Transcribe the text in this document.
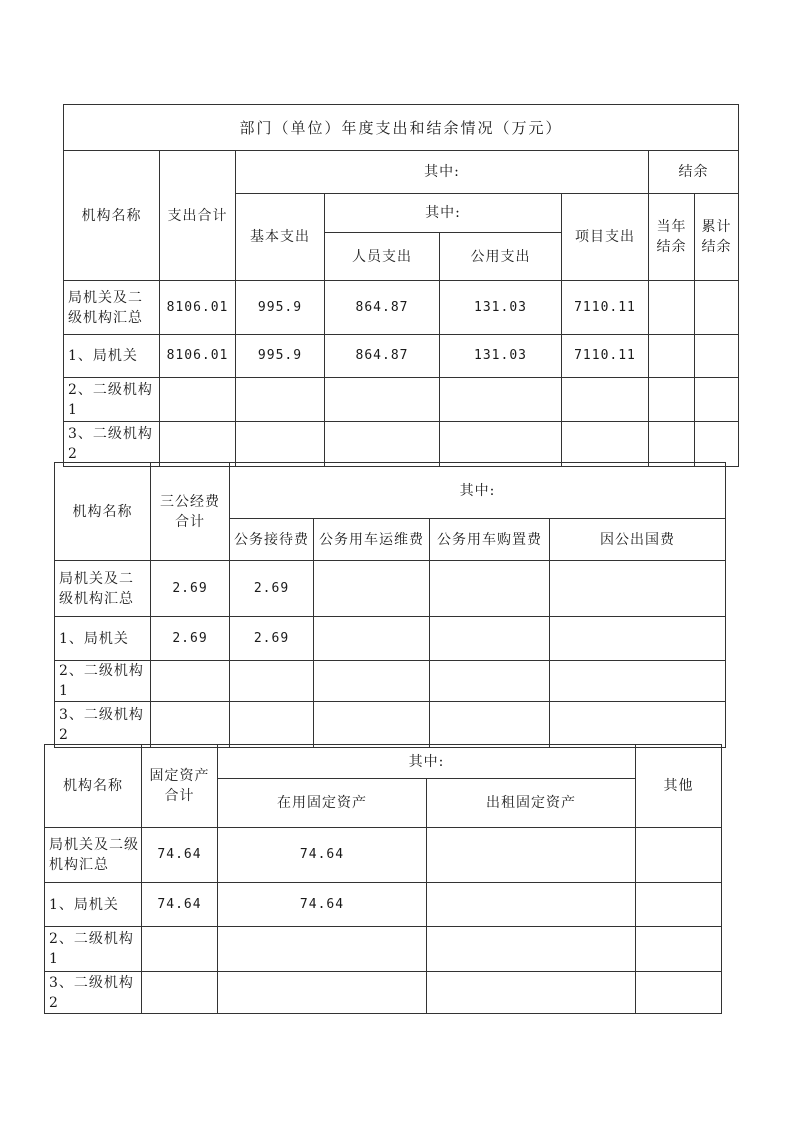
部门（单位）年度支出和结余情况（万元）							
机构名称	支出合计	其中:				结余	
		基本支出	其中:		项目支出	当年结余	累计结余
			人员支出	公用支出			
局机关及二级机构汇总	8106.01	995.9	864.87	131.03	7110.11		
1、局机关	8106.01	995.9	864.87	131.03	7110.11		
2、二级机构 1							
3、二级机构 2							
机构名称	三公经费合计	其中:			
		公务接待费	公务用车运维费	公务用车购置费	因公出国费
局机关及二级机构汇总	2.69	2.69			
1、局机关	2.69	2.69			
2、二级机构 1					
3、二级机构 2					
机构名称	固定资产合计	其中:		其他
		在用固定资产	出租固定资产	
局机关及二级机构汇总	74.64	74.64		
1、局机关	74.64	74.64		
2、二级机构 1				
3、二级机构 2				
